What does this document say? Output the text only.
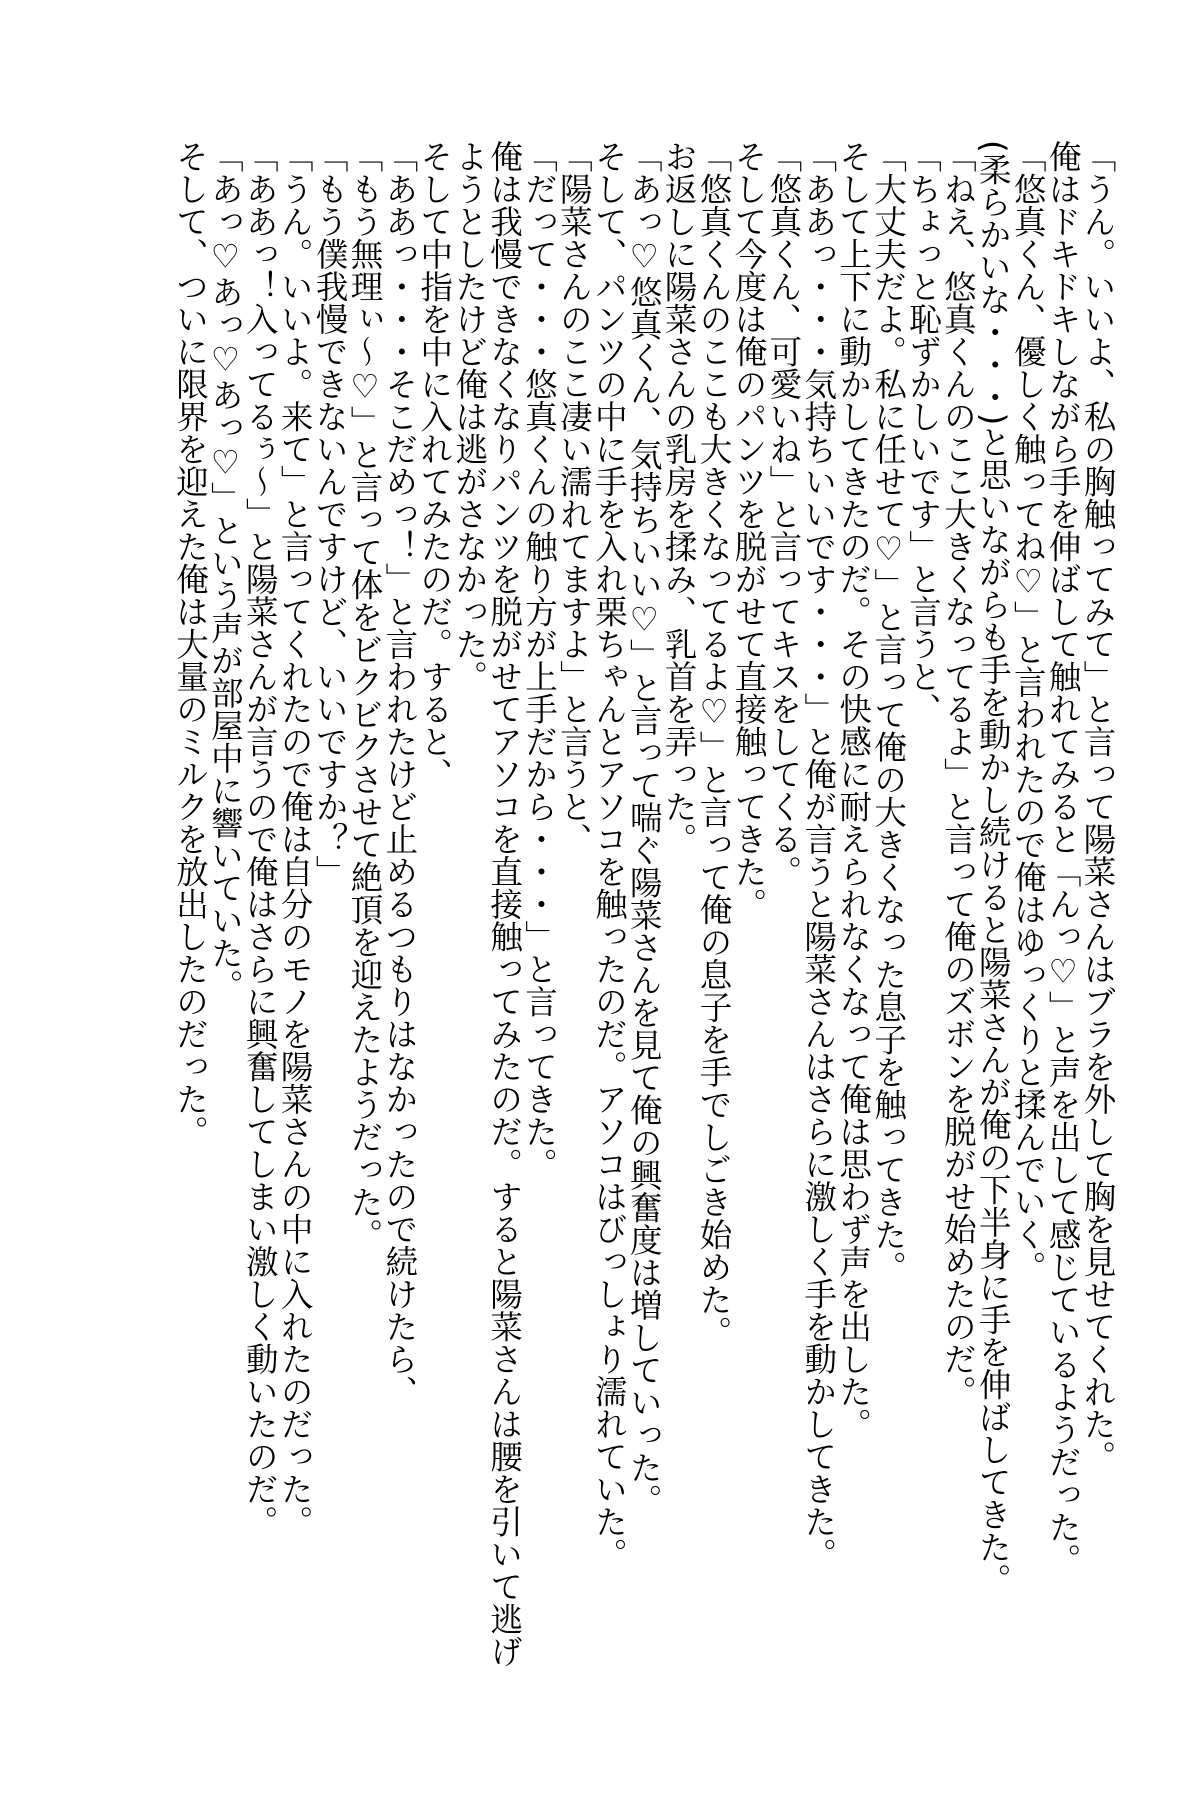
「うん。いいよ、私の胸触ってみて」と言って陽菜さんはブラを外して胸を見せてくれた。
俺はドキドキしながら手を伸ばして触れてみると「んっ♡」と声を出して感じているようだった。
「悠真くん、優しく触ってね♡」と言われたので俺はゆっくりと揉んでいく。
(柔らかいな・・・)と思いながらも手を動かし続けると陽菜さんが俺の下半身に手を伸ばしてきた。
「ねえ、悠真くんのここ大きくなってるよ」と言って俺のズボンを脱がせ始めたのだ。
「ちょっと恥ずかしいです」と言うと、
「大丈夫だよ。私に任せて♡」と言って俺の大きくなった息子を触ってきた。
そして上下に動かしてきたのだ。その快感に耐えられなくなって俺は思わず声を出した。
「ああっ・・・気持ちいいです・・・」と俺が言うと陽菜さんはさらに激しく手を動かしてきた。
「悠真くん、可愛いね」と言ってキスをしてくる。
そして今度は俺のパンツを脱がせて直接触ってきた。
「悠真くんのここも大きくなってるよ♡」と言って俺の息子を手でしごき始めた。
お返しに陽菜さんの乳房を揉み、乳首を弄った。
「あっ♡悠真くん、気持ちいい♡」と言って喘ぐ陽菜さんを見て俺の興奮度は増していった。
そして、パンツの中に手を入れ栗ちゃんとアソコを触ったのだ。アソコはびっしょり濡れていた。
「陽菜さんのここ凄い濡れてますよ」と言うと、
「だって・・・悠真くんの触り方が上手だから・・・」と言ってきた。
俺は我慢できなくなりパンツを脱がせてアソコを直接触ってみたのだ。すると陽菜さんは腰を引いて逃げ
ようとしたけど俺は逃がさなかった。
そして中指を中に入れてみたのだ。すると、
「ああっ・・・そこだめっ！」と言われたけど止めるつもりはなかったので続けたら、
「もう無理ぃ～♡」と言って体をビクビクさせて絶頂を迎えたようだった。
「もう僕我慢できないんですけど、いいですか？」
「うん。いいよ。来て」と言ってくれたので俺は自分のモノを陽菜さんの中に入れたのだった。
「ああっ！入ってるぅ～」と陽菜さんが言うので俺はさらに興奮してしまい激しく動いたのだ。
「あっ♡あっ♡あっ♡」という声が部屋中に響いていた。
そして、ついに限界を迎えた俺は大量のミルクを放出したのだった。
